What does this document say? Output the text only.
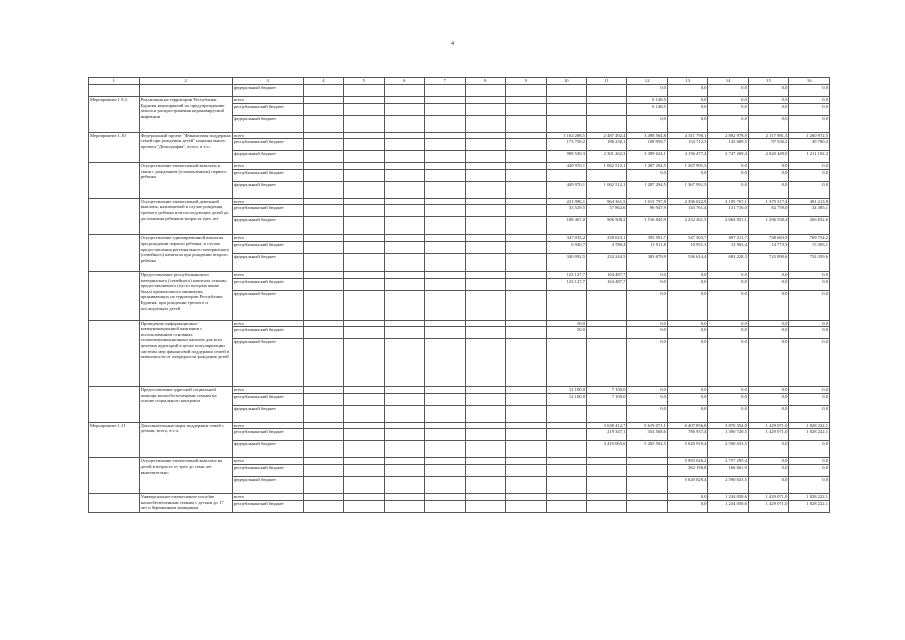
4
1	2	3	4	5	6	7	8	9	10	11	12	13	14	15	16
		федеральный бюджет									0,0	0,0	0,0	0,0	0,0
Мероприятие 1.9.3.	Реализация на территории Республики Бурятия мероприятий по предупреждению завоза и распространения коронавирусной инфекции	всего									6 148,5	0,0	0,0	0,0	0,0
		республиканский бюджет									6 148,5	0,0	0,0	0,0	0,0
		федеральный бюджет									0,0	0,0	0,0	0,0	0,0
Мероприятие 1.10	Федеральный проект "Финансовая поддержка семей при рождении детей" национального проекта "Демография", всего, в т.ч.:	всего							1 162 288,5	2 487 492,4	3 498 564,8	4 311 790,1	2 892 978,9	2 117 981,3	1 260 972,5
		республиканский бюджет							173 758,2	186 230,1	108 959,7	154 712,3	145 689,5	97 530,2	49 780,3
		федеральный бюджет							998 530,3	2 301 262,3	3 389 624,1	4 156 477,4	2 747 269,4	2 020 449,0	1 211 192,2
	Осуществление ежемесячной выплаты в связи с рождением (усыновлением) первого ребенка	всего							449 970,1	1 062 512,1	1 287 294,5	1 367 991,5	0,0	0,0	0,0
		республиканский бюджет									0,0	0,0	0,0	0,0	0,0
		федеральный бюджет							449 970,1	1 062 512,1	1 287 294,5	1 367 991,5	0,0	0,0	0,0
	Осуществление ежемесячной денежной выплаты, назначаемой в случае рождения третьего ребенка или последующих детей до достижения ребенком возраста трех лет	всего							221 996,1	964 361,5	1 613 797,8	2 396 022,9	2 195 767,1	1 379 317,4	491 213,8
		республиканский бюджет							33 529,5	57 862,6	96 947,9	143 761,4	131 716,0	82 759,0	34 385,1
		федеральный бюджет							188 467,0	906 508,2	1 516 845,9	2 252 261,5	2 064 051,1	1 296 558,4	456 832,6
	Осуществление единовременной выплаты при рождении первого ребенка, в случае предоставления регионального материнского (семейного) капитала при рождении второго ребенка	всего							347 033,2	239 023,1	395 591,7	547 563,7	697 211,7	738 663,9	769 754,2
		республиканский бюджет							6 940,7	4 780,4	11 911,8	10 951,3	13 963,4	14 773,3	15 395,1
		федеральный бюджет							340 092,5	232 244,5	383 679,9	536 614,4	683 228,3	723 890,6	754 359,6
	Предоставление республиканского материнского (семейного) капитала семьям, предоставляемого (пусто которых выше была) прожиточного минимума, проживающих на территории Республики Бурятия, при рождении третьего и последующих детей	всего							123 127,7	164 487,7	0,0	0,0	0,0	0,0	0,0
		республиканский бюджет							123 127,7	164 487,7	0,0	0,0	0,0	0,0	0,0
		федеральный бюджет									0,0	0,0	0,0	0,0	0,0
	Проведение информационно-коммуникационной кампании с использованием основных телекоммуникационных каналов для всех целевых аудиторий в целях популяризации системы мер финансовой поддержки семей в зависимости от очередности рождения детей	всего							50,0		0,0	0,0	0,0	0,0	0,0
		республиканский бюджет							50,0		0,0	0,0	0,0	0,0	0,0
		федеральный бюджет									0,0	0,0	0,0	0,0	0,0
	Предоставление адресной социальной помощи малообеспеченным семьям на основе социального контракта	всего							12 100,0	7 100,0	0,0	0,0	0,0	0,0	0,0
		республиканский бюджет							12 100,0	7 100,0	0,0	0,0	0,0	0,0	0,0
		федеральный бюджет									0,0	0,0	0,0	0,0	0,0
Мероприятие 1.11	Дополнительные меры поддержки семей с детьми, всего, в т.ч.	всего								3 638 412,7	5 619 071,1	6 407 856,8	3 870 354,0	1 429 071,0	1 828 222,1
		республиканский бюджет								219 347,1	354 568,6	786 937,4	1 390 720,5	1 429 071,0	1 828 222,1
		федеральный бюджет								3 419 065,6	5 265 502,5	5 620 919,4	2 590 633,5	0,0	0,0
	Осуществление ежемесячной выплаты на детей в возрасте от трех до семи лет включительно	всего										5 983 026,2	2 757 295,4	0,0	0,0
		республиканский бюджет										362 196,8	166 661,9	0,0	0,0
		федеральный бюджет										5 620 829,4	2 590 633,5	0,0	0,0
	Универсальное ежемесячное пособие малообеспеченным семьям с детьми до 17 лет и беременным женщинам	всего										0,0	1 234 058,6	1 429 071,0	1 828 222,1
		республиканский бюджет										0,0	1 234 058,6	1 429 071,0	1 828 222,1
